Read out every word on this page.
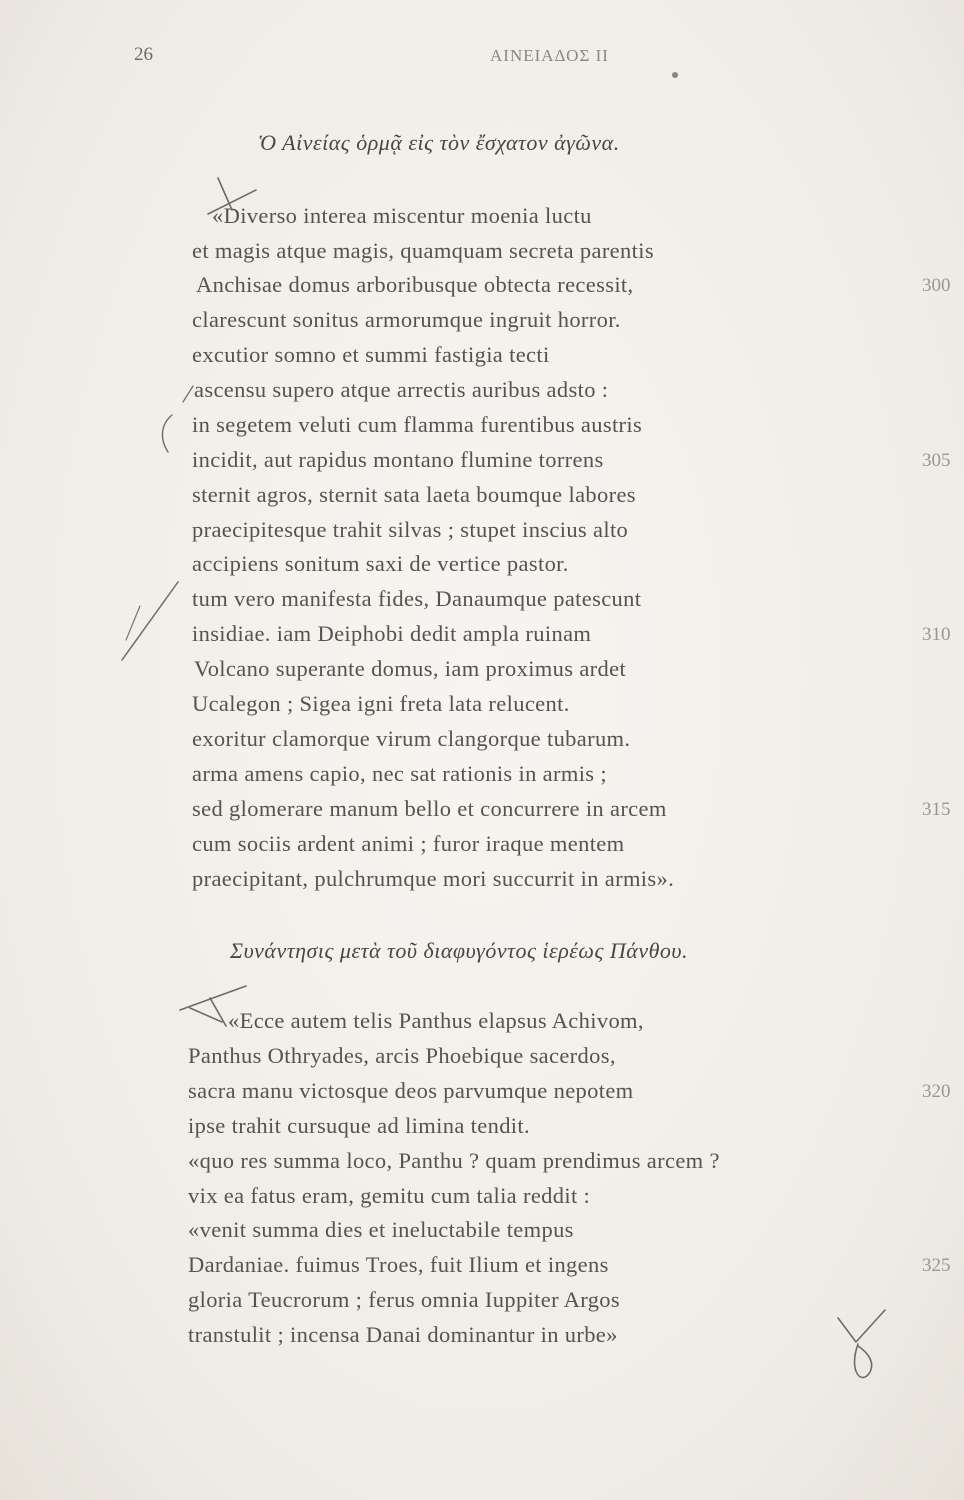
26	AIΝΕΙΑΔΟΣ II
Ὁ Αἰνείας ὁρμᾷ εἰς τὸν ἔσχατον ἀγῶνα.
«Diverso interea miscentur moenia luctu
et magis atque magis, quamquam secreta parentis
Anchisae domus arboribusque obtecta recessit,
clarescunt sonitus armorumque ingruit horror.
excutior somno et summi fastigia tecti
ascensu supero atque arrectis auribus adsto :
in segetem veluti cum flamma furentibus austris
incidit, aut rapidus montano flumine torrens
sternit agros, sternit sata laeta boumque labores
praecipitesque trahit silvas ; stupet inscius alto
accipiens sonitum saxi de vertice pastor.
tum vero manifesta fides, Danaumque patescunt
insidiae. iam Deiphobi dedit ampla ruinam
Volcano superante domus, iam proximus ardet
Ucalegon ; Sigea igni freta lata relucent.
exoritur clamorque virum clangorque tubarum.
arma amens capio, nec sat rationis in armis ;
sed glomerare manum bello et concurrere in arcem
cum sociis ardent animi ; furor iraque mentem
praecipitant, pulchrumque mori succurrit in armis».
Συνάντησις μετὰ τοῦ διαφυγόντος ἱερέως Πάνθου.
«Ecce autem telis Panthus elapsus Achivom,
Panthus Othryades, arcis Phoebique sacerdos,
sacra manu victosque deos parvumque nepotem
ipse trahit cursuque ad limina tendit.
«quo res summa loco, Panthu ? quam prendimus arcem ?
vix ea fatus eram, gemitu cum talia reddit :
«venit summa dies et ineluctabile tempus
Dardaniae. fuimus Troes, fuit Ilium et ingens
gloria Teucrorum ; ferus omnia Iuppiter Argos
transtulit ; incensa Danai dominantur in urbe»
300
305
310
315
320
325
